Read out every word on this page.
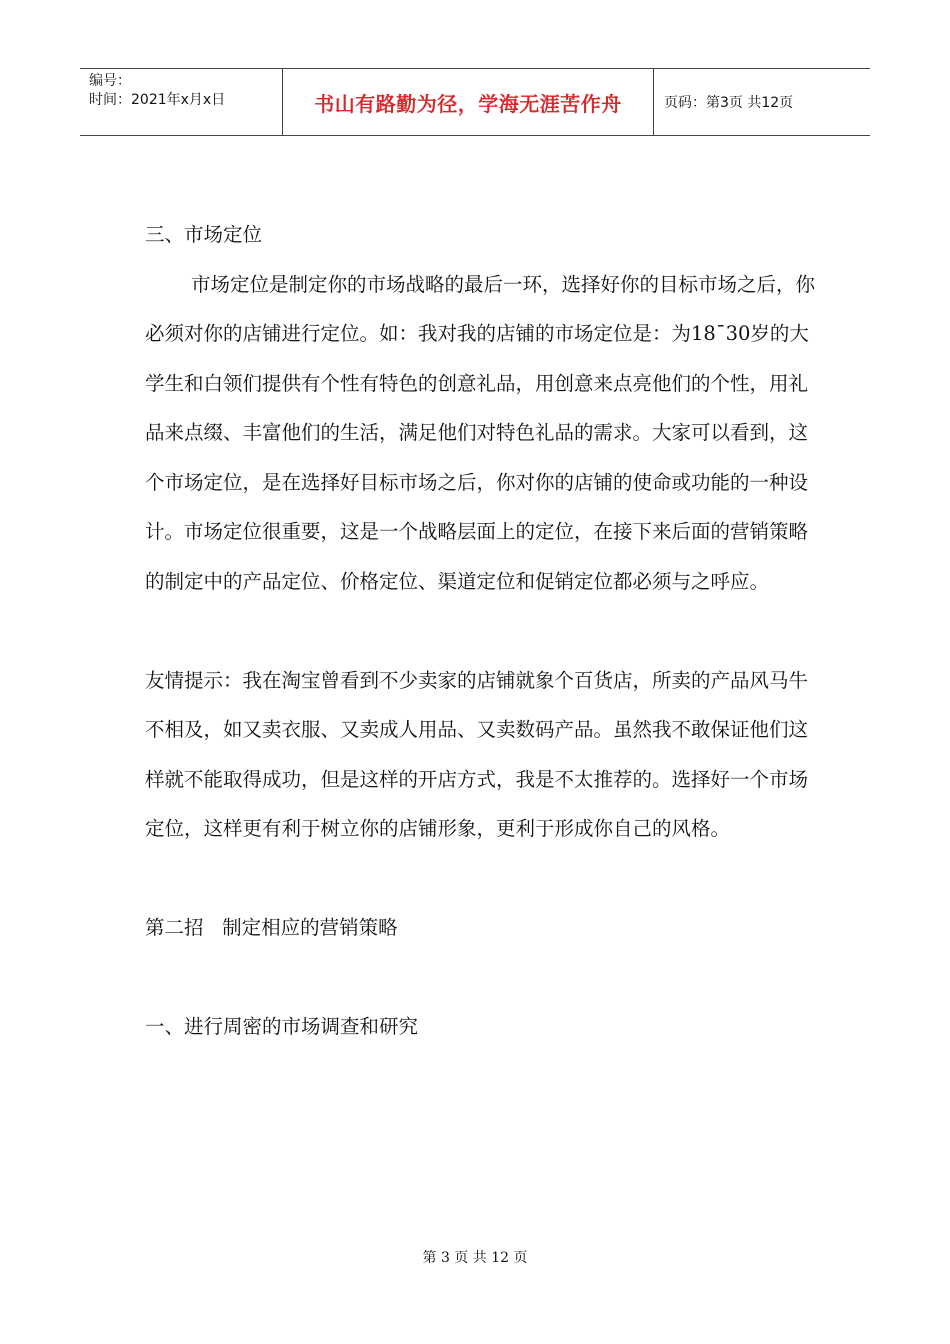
编号：
时间：2021年x月x日	书山有路勤为径，学海无涯苦作舟	页码：第3页 共12页

三、市场定位

市场定位是制定你的市场战略的最后一环，选择好你的目标市场之后，你必须对你的店铺进行定位。如：我对我的店铺的市场定位是：为18¯30岁的大学生和白领们提供有个性有特色的创意礼品，用创意来点亮他们的个性，用礼品来点缀、丰富他们的生活，满足他们对特色礼品的需求。大家可以看到，这个市场定位，是在选择好目标市场之后，你对你的店铺的使命或功能的一种设计。市场定位很重要，这是一个战略层面上的定位，在接下来后面的营销策略的制定中的产品定位、价格定位、渠道定位和促销定位都必须与之呼应。

友情提示：我在淘宝曾看到不少卖家的店铺就象个百货店，所卖的产品风马牛不相及，如又卖衣服、又卖成人用品、又卖数码产品。虽然我不敢保证他们这样就不能取得成功，但是这样的开店方式，我是不太推荐的。选择好一个市场定位，这样更有利于树立你的店铺形象，更利于形成你自己的风格。

第二招   制定相应的营销策略

一、进行周密的市场调查和研究

第 3 页 共 12 页
